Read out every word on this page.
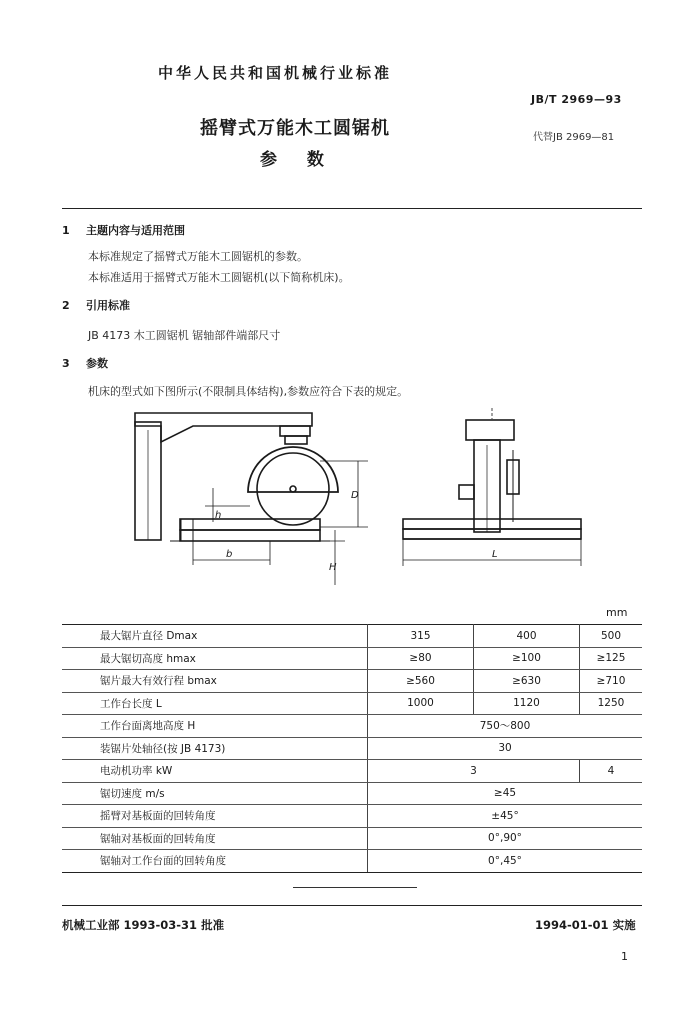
中华人民共和国机械行业标准
JB/T 2969—93
摇臂式万能木工圆锯机	代替JB 2969—81
参 数
1 主题内容与适用范围
本标准规定了摇臂式万能木工圆锯机的参数。
本标准适用于摇臂式万能木工圆锯机(以下简称机床)。
2 引用标准
JB 4173 木工圆锯机 锯轴部件端部尺寸
3 参数
机床的型式如下图所示(不限制具体结构),参数应符合下表的规定。
D
h
b
H
L
mm
最大锯片直径 Dmax	315	400	500
最大锯切高度 hmax	≥80	≥100	≥125
锯片最大有效行程 bmax	≥560	≥630	≥710
工作台长度 L	1000	1120	1250
工作台面离地高度 H	750～800		
装锯片处轴径(按 JB 4173)	30		
电动机功率 kW	3		4
锯切速度 m/s	≥45		
摇臂对基板面的回转角度	±45°		
锯轴对基板面的回转角度	0°,90°		
锯轴对工作台面的回转角度	0°,45°		
机械工业部 1993-03-31 批准	1994-01-01 实施
1
